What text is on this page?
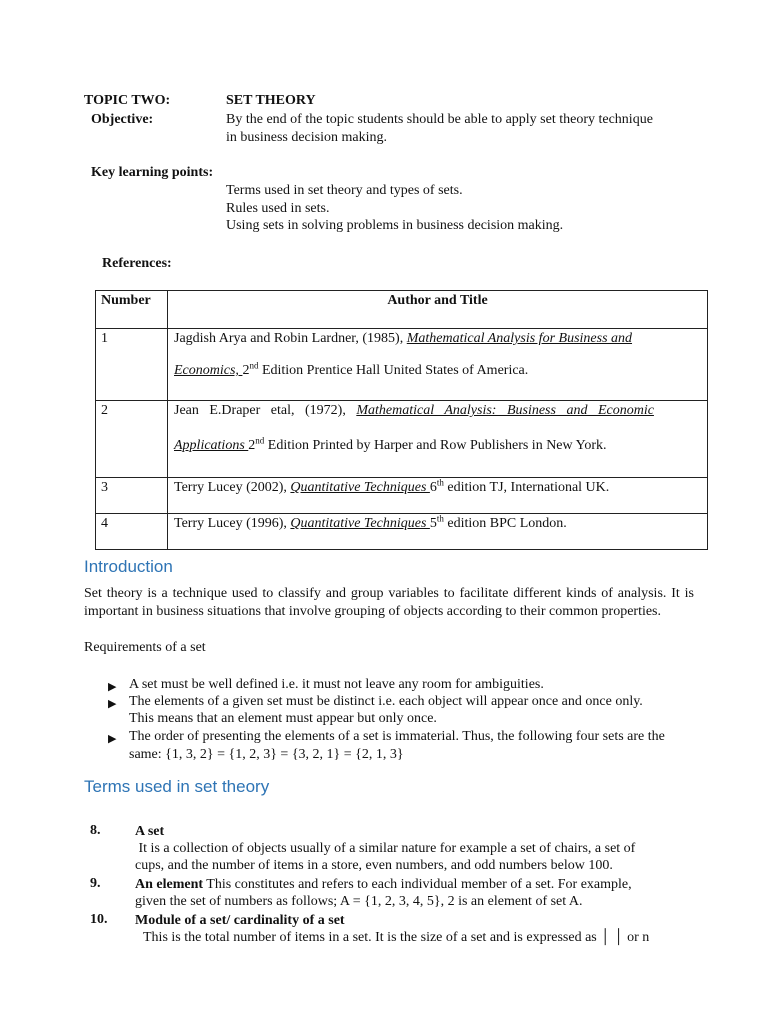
TOPIC TWO:	SET THEORY
Objective:	By the end of the topic students should be able to apply set theory technique
in business decision making.
Key learning points:
Terms used in set theory and types of sets.
Rules used in sets.
Using sets in solving problems in business decision making.
References:
Number	Author and Title
1	Jagdish Arya and Robin Lardner, (1985), Mathematical Analysis for Business and
Economics, 2nd Edition Prentice Hall United States of America.

2	Jean   E.Draper   etal,   (1972),   Mathematical   Analysis:   Business   and   Economic
Applications 2nd Edition Printed by Harper and Row Publishers in New York.

3	Terry Lucey (2002), Quantitative Techniques 6th edition TJ, International UK.

4	Terry Lucey (1996), Quantitative Techniques 5th edition BPC London.
Introduction
Set theory is a technique used to classify and group variables to facilitate different kinds of analysis. It is important in business situations that involve grouping of objects according to their common properties.
Requirements of a set
▶ A set must be well defined i.e. it must not leave any room for ambiguities.
▶ The elements of a given set must be distinct i.e. each object will appear once and once only.
This means that an element must appear but only once.
▶ The order of presenting the elements of a set is immaterial. Thus, the following four sets are the
same: {1, 3, 2} = {1, 2, 3} = {3, 2, 1} = {2, 1, 3}
Terms used in set theory
8. A set
It is a collection of objects usually of a similar nature for example a set of chairs, a set of
cups, and the number of items in a store, even numbers, and odd numbers below 100.
9. An element This constitutes and refers to each individual member of a set. For example,
given the set of numbers as follows; A = {1, 2, 3, 4, 5}, 2 is an element of set A.
10. Module of a set/ cardinality of a set
This is the total number of items in a set. It is the size of a set and is expressed as │ │ or n
